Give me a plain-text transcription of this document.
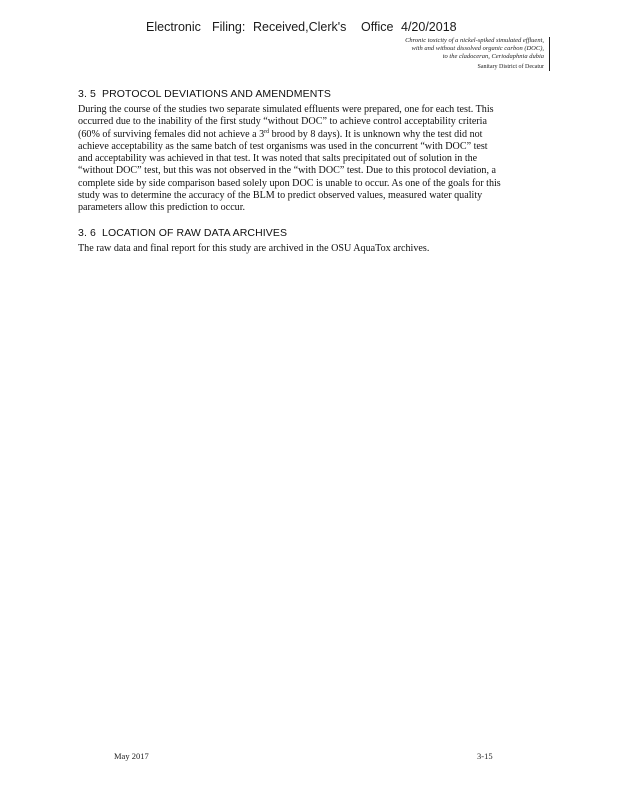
Electronic Filing: Received,Clerk's Office 4/20/2018
Chronic toxicity of a nickel-spiked simulated effluent,
with and without dissolved organic carbon (DOC),
to the cladoceran, Ceriodaphnia dubia
Sanitary District of Decatur
3. 5 PROTOCOL DEVIATIONS AND AMENDMENTS
During the course of the studies two separate simulated effluents were prepared, one for each test. This
occurred due to the inability of the first study “without DOC” to achieve control acceptability criteria
(60% of surviving females did not achieve a 3rd brood by 8 days). It is unknown why the test did not
achieve acceptability as the same batch of test organisms was used in the concurrent “with DOC” test
and acceptability was achieved in that test. It was noted that salts precipitated out of solution in the
“without DOC” test, but this was not observed in the “with DOC” test. Due to this protocol deviation, a
complete side by side comparison based solely upon DOC is unable to occur. As one of the goals for this
study was to determine the accuracy of the BLM to predict observed values, measured water quality
parameters allow this prediction to occur.
3. 6 LOCATION OF RAW DATA ARCHIVES
The raw data and final report for this study are archived in the OSU AquaTox archives.
May 2017	3-15
